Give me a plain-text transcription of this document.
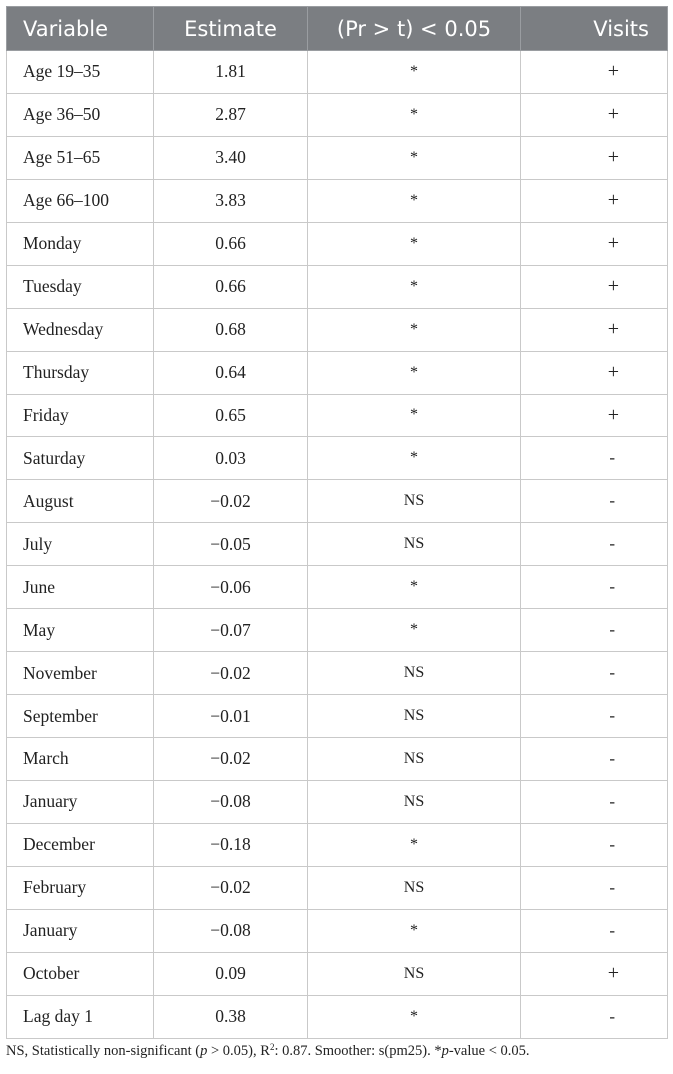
Variable	Estimate	(Pr > t) < 0.05	Visits
Age 19–35	1.81	*	+
Age 36–50	2.87	*	+
Age 51–65	3.40	*	+
Age 66–100	3.83	*	+
Monday	0.66	*	+
Tuesday	0.66	*	+
Wednesday	0.68	*	+
Thursday	0.64	*	+
Friday	0.65	*	+
Saturday	0.03	*	-
August	−0.02	NS	-
July	−0.05	NS	-
June	−0.06	*	-
May	−0.07	*	-
November	−0.02	NS	-
September	−0.01	NS	-
March	−0.02	NS	-
January	−0.08	NS	-
December	−0.18	*	-
February	−0.02	NS	-
January	−0.08	*	-
October	0.09	NS	+
Lag day 1	0.38	*	-
NS, Statistically non-significant (p > 0.05), $R^2$: 0.87. Smoother: s(pm25). *p-value < 0.05.
